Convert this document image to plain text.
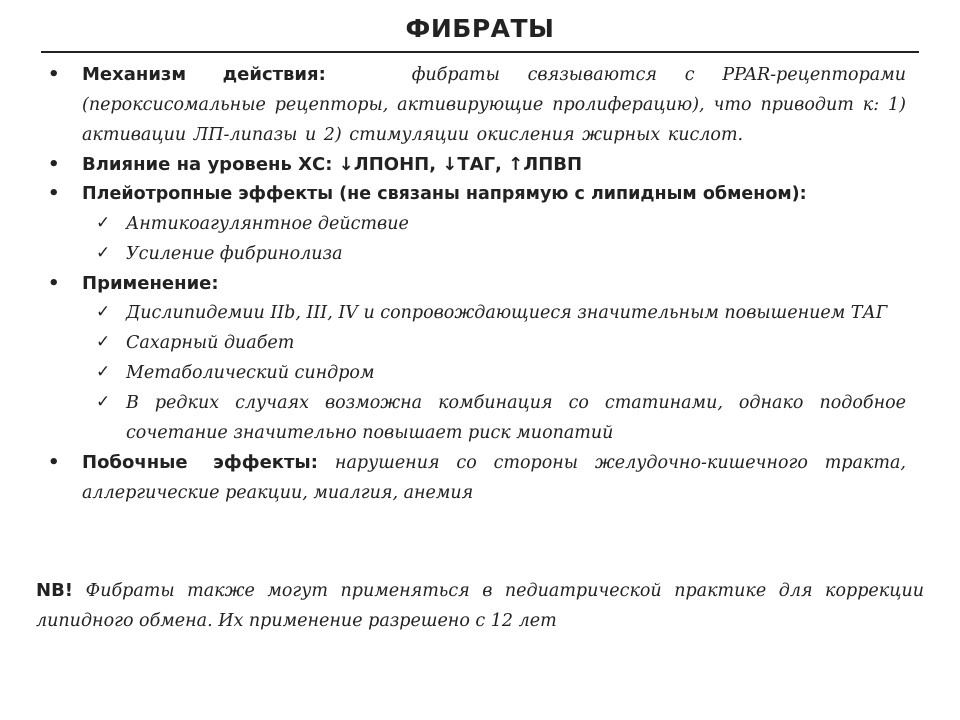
ФИБРАТЫ
• Механизм действия:	фибраты связываются с PPAR-рецепторами (пероксисомальные рецепторы, активирующие пролиферацию), что приводит к: 1) активации ЛП-липазы и 2) стимуляции окисления жирных кислот.
• Влияние на уровень ХС: ↓ЛПОНП, ↓ТАГ, ↑ЛПВП
• Плейотропные эффекты (не связаны напрямую с липидным обменом):
✓ Антикоагулянтное действие
✓ Усиление фибринолиза
• Применение:
✓ Дислипидемии IIb, III, IV и сопровождающиеся значительным повышением ТАГ
✓ Сахарный диабет
✓ Метаболический синдром
✓ В редких случаях возможна комбинация со статинами, однако подобное сочетание значительно повышает риск миопатий
• Побочные эффекты: нарушения со стороны желудочно-кишечного тракта, аллергические реакции, миалгия, анемия
NB! Фибраты также могут применяться в педиатрической практике для коррекции липидного обмена. Их применение разрешено с 12 лет
